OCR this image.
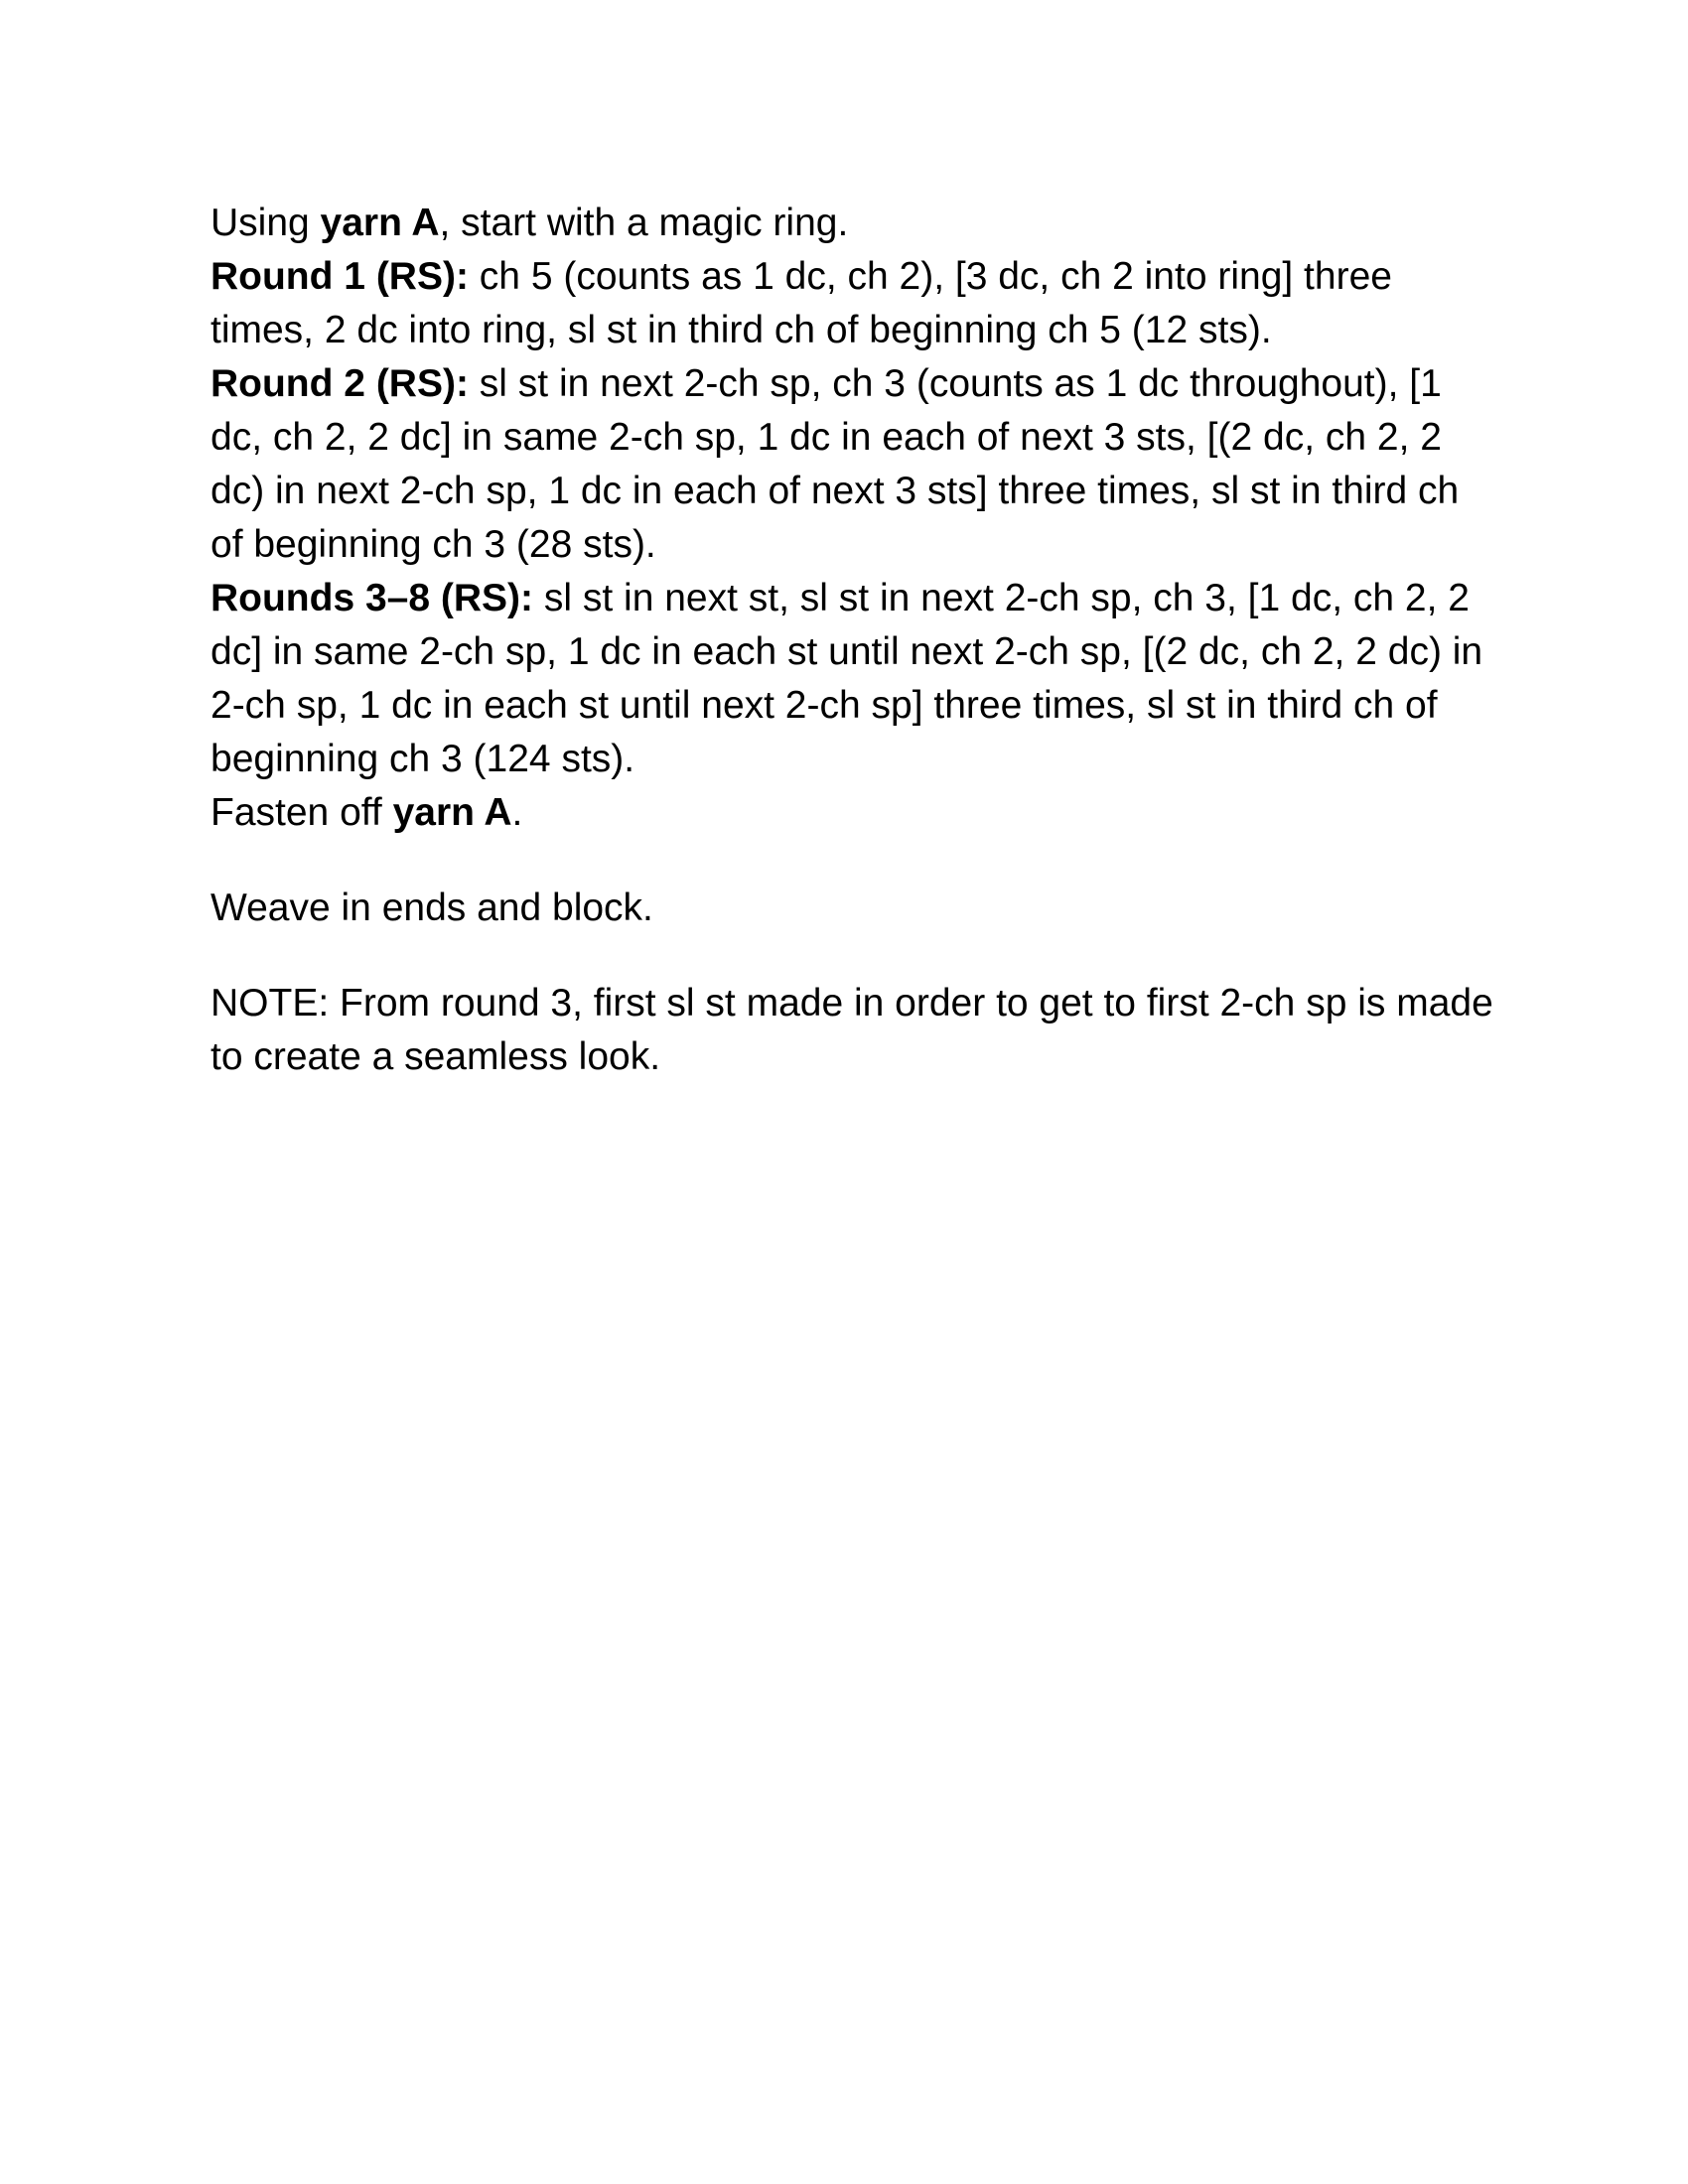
Using yarn A, start with a magic ring.

Round 1 (RS): ch 5 (counts as 1 dc, ch 2), [3 dc, ch 2 into ring] three times, 2 dc into ring, sl st in third ch of beginning ch 5 (12 sts).

Round 2 (RS): sl st in next 2-ch sp, ch 3 (counts as 1 dc throughout), [1 dc, ch 2, 2 dc] in same 2-ch sp, 1 dc in each of next 3 sts, [(2 dc, ch 2, 2 dc) in next 2-ch sp, 1 dc in each of next 3 sts] three times, sl st in third ch of beginning ch 3 (28 sts).

Rounds 3–8 (RS): sl st in next st, sl st in next 2-ch sp, ch 3, [1 dc, ch 2, 2 dc] in same 2-ch sp, 1 dc in each st until next 2-ch sp, [(2 dc, ch 2, 2 dc) in 2-ch sp, 1 dc in each st until next 2-ch sp] three times, sl st in third ch of beginning ch 3 (124 sts).

Fasten off yarn A.

Weave in ends and block.

NOTE: From round 3, first sl st made in order to get to first 2-ch sp is made to create a seamless look.
